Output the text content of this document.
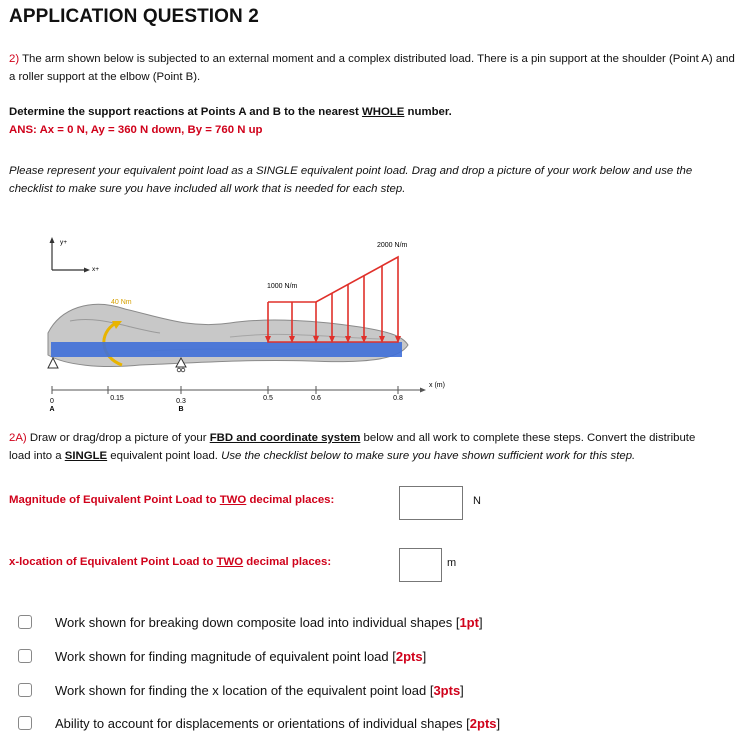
APPLICATION QUESTION 2
2) The arm shown below is subjected to an external moment and a complex distributed load. There is a pin support at the shoulder (Point A) and a roller support at the elbow (Point B).
Determine the support reactions at Points A and B to the nearest WHOLE number.
ANS: Ax = 0 N, Ay = 360 N down, By = 760 N up
Please represent your equivalent point load as a SINGLE equivalent point load. Drag and drop a picture of your work below and use the checklist to make sure you have included all work that is needed for each step.
y+
x+
40 Nm
1000 N/m
2000 N/m
x (m)
0	0.15	0.3	0.5	0.6	0.8
A	B
2A) Draw or drag/drop a picture of your FBD and coordinate system below and all work to complete these steps. Convert the distribute
load into a SINGLE equivalent point load. Use the checklist below to make sure you have shown sufficient work for this step.
Magnitude of Equivalent Point Load to TWO decimal places:	N
x-location of Equivalent Point Load to TWO decimal places:	m
Work shown for breaking down composite load into individual shapes [1pt]
Work shown for finding magnitude of equivalent point load [2pts]
Work shown for finding the x location of the equivalent point load [3pts]
Ability to account for displacements or orientations of individual shapes [2pts]
